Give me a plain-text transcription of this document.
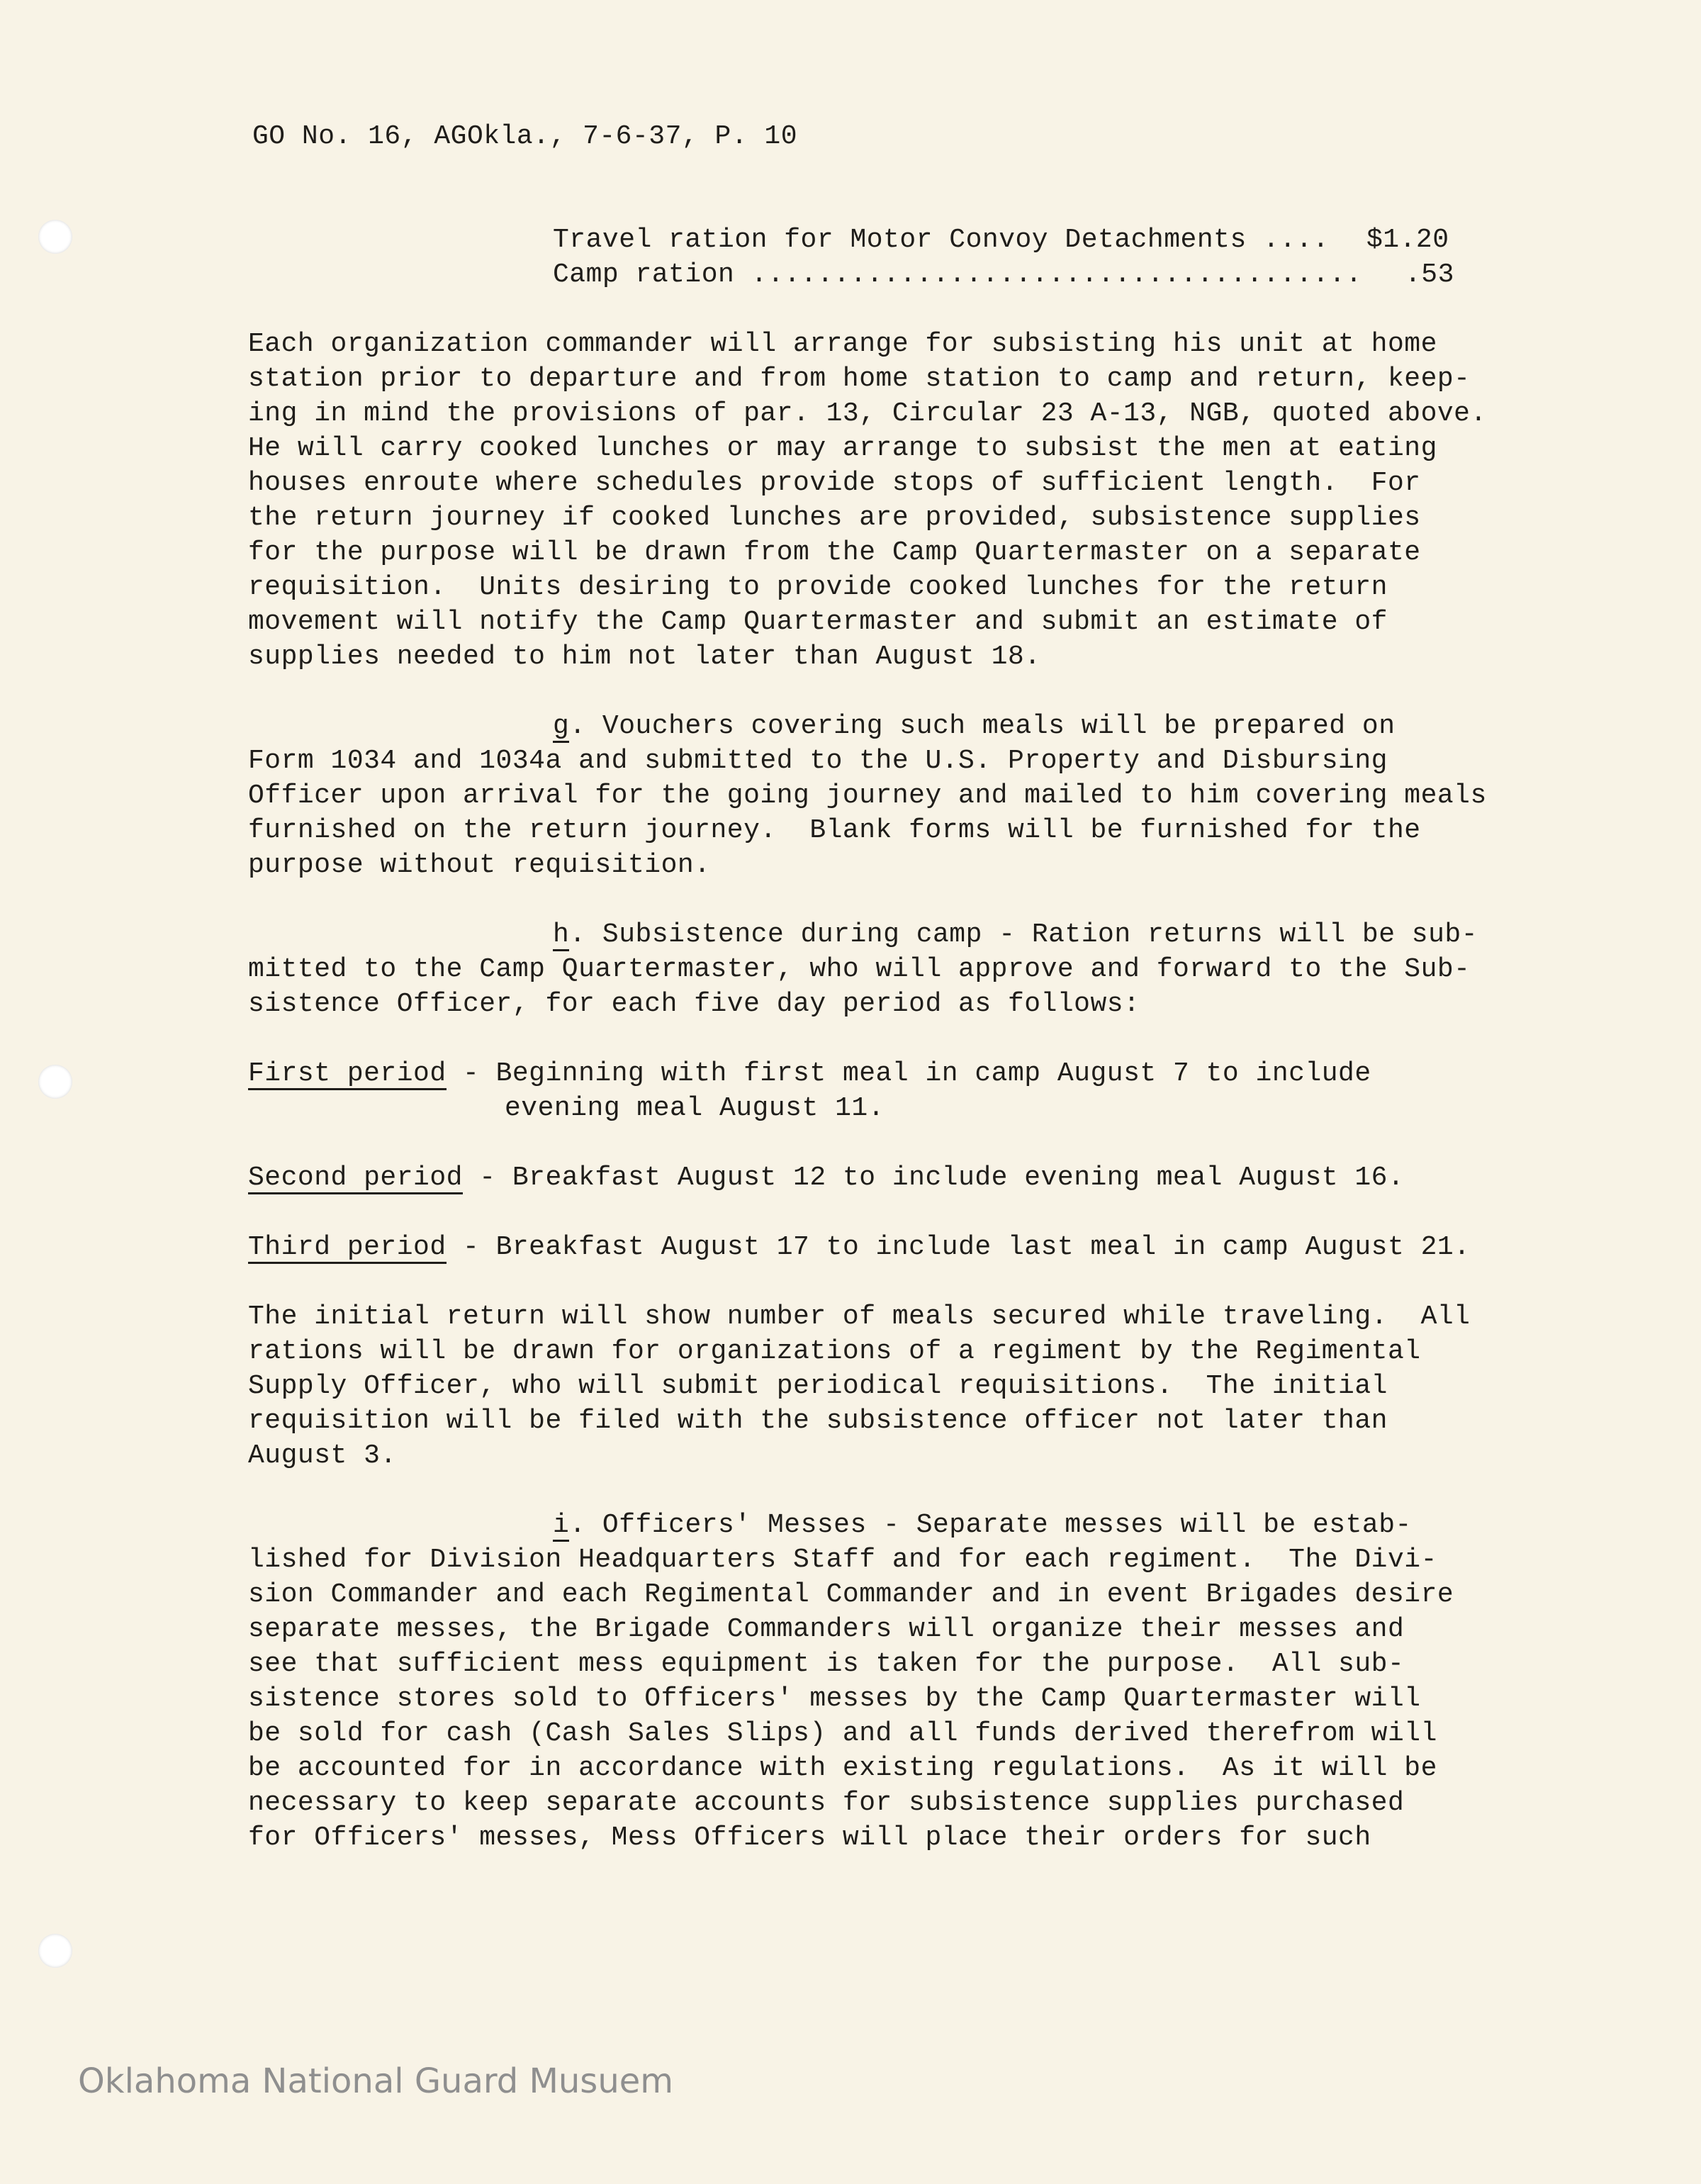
GO No. 16, AGOkla., 7-6-37, P. 10
Travel ration for Motor Convoy Detachments .... $1.20
Camp ration ..................................... .53
Each organization commander will arrange for subsisting his unit at home
station prior to departure and from home station to camp and return, keep-
ing in mind the provisions of par. 13, Circular 23 A-13, NGB, quoted above.
He will carry cooked lunches or may arrange to subsist the men at eating
houses enroute where schedules provide stops of sufficient length.  For
the return journey if cooked lunches are provided, subsistence supplies
for the purpose will be drawn from the Camp Quartermaster on a separate
requisition.  Units desiring to provide cooked lunches for the return
movement will notify the Camp Quartermaster and submit an estimate of
supplies needed to him not later than August 18.
g. Vouchers covering such meals will be prepared on
Form 1034 and 1034a and submitted to the U.S. Property and Disbursing
Officer upon arrival for the going journey and mailed to him covering meals
furnished on the return journey.  Blank forms will be furnished for the
purpose without requisition.
h. Subsistence during camp - Ration returns will be sub-
mitted to the Camp Quartermaster, who will approve and forward to the Sub-
sistence Officer, for each five day period as follows:
First period - Beginning with first meal in camp August 7 to include
evening meal August 11.
Second period - Breakfast August 12 to include evening meal August 16.
Third period - Breakfast August 17 to include last meal in camp August 21.
The initial return will show number of meals secured while traveling.  All
rations will be drawn for organizations of a regiment by the Regimental
Supply Officer, who will submit periodical requisitions.  The initial
requisition will be filed with the subsistence officer not later than
August 3.
i. Officers' Messes - Separate messes will be estab-
lished for Division Headquarters Staff and for each regiment.  The Divi-
sion Commander and each Regimental Commander and in event Brigades desire
separate messes, the Brigade Commanders will organize their messes and
see that sufficient mess equipment is taken for the purpose.  All sub-
sistence stores sold to Officers' messes by the Camp Quartermaster will
be sold for cash (Cash Sales Slips) and all funds derived therefrom will
be accounted for in accordance with existing regulations.  As it will be
necessary to keep separate accounts for subsistence supplies purchased
for Officers' messes, Mess Officers will place their orders for such
Oklahoma National Guard Musuem
